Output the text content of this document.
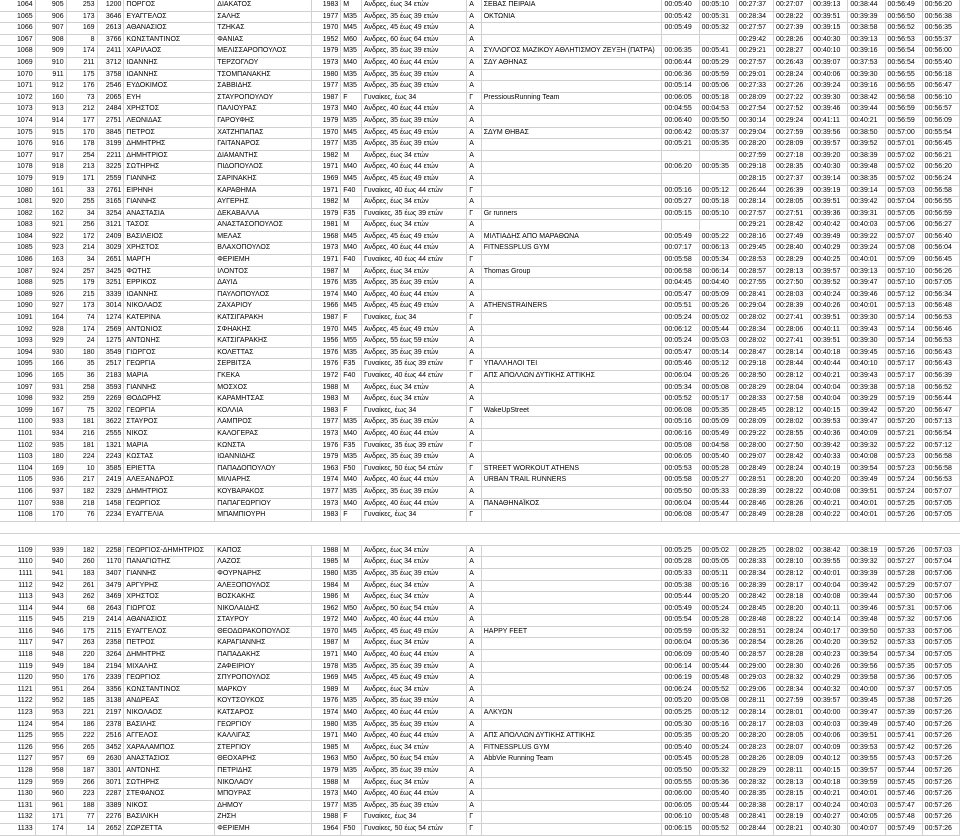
1064	905	253	1200	ΠΟΡΓΟΣ	ΔΙΑΚΑΤΟΣ	1983	M	Ανδρες, έως 34 ετών	Α	ΣΕΒΑΣ ΠΕΙΡΑΙΑ	00:05:40	00:05:10	00:27:37	00:27:07	00:39:13	00:38:44	00:56:49	00:56:20
1065	906	173	3646	ΕΥΑΓΓΕΛΟΣ	ΣΑΛΗΣ	1977	M35	Ανδρες, 35 έως 39 ετών	Α	ΟΚΤΩΝΙΑ	00:05:42	00:05:31	00:28:34	00:28:22	00:39:51	00:39:39	00:56:50	00:56:38
1066	907	169	2613	ΑΘΑΝΑΣΙΟΣ	ΤΖΗΚΑΣ	1970	M45	Ανδρες, 45 έως 49 ετών	Α		00:05:49	00:05:32	00:27:57	00:27:39	00:39:15	00:38:58	00:56:52	00:56:35
1067	908	8	3766	ΚΩΝΣΤΑΝΤΙΝΟΣ	ΦΑΝΙΑΣ	1952	M60	Ανδρες, 60 έως 64 ετών	Α				00:29:42	00:28:26	00:40:30	00:39:13	00:56:53	00:55:37
1068	909	174	2411	ΧΑΡΙΛΑΟΣ	ΜΕΛΙΣΣΑΡΟΠΟΥΛΟΣ	1979	M35	Ανδρες, 35 έως 39 ετών	Α	ΣΥΛΛΟΓΟΣ ΜΑΖΙΚΟΥ ΑΘΛΗΤΙΣΜΟΥ ΖΕΥΞΗ (ΠΑΤΡΑ)	00:06:35	00:05:41	00:29:21	00:28:27	00:40:10	00:39:16	00:56:54	00:56:00
1069	910	211	3712	ΙΩΑΝΝΗΣ	ΤΕΡΖΟΓΛΟΥ	1973	M40	Ανδρες, 40 έως 44 ετών	Α	ΣΔΥ ΑΘΗΝΑΣ	00:06:44	00:05:29	00:27:57	00:26:43	00:39:07	00:37:53	00:56:54	00:55:40
1070	911	175	3758	ΙΩΑΝΝΗΣ	ΤΣΟΜΠΑΝΑΚΗΣ	1980	M35	Ανδρες, 35 έως 39 ετών	Α		00:06:36	00:05:59	00:29:01	00:28:24	00:40:06	00:39:30	00:56:55	00:56:18
1071	912	176	2546	ΕΥΔΟΚΙΜΟΣ	ΣΑΒΒΙΔΗΣ	1977	M35	Ανδρες, 35 έως 39 ετών	Α		00:05:14	00:05:06	00:27:33	00:27:26	00:39:24	00:39:16	00:56:55	00:56:47
1072	160	73	2065	ΕΥΗ	ΣΤΑΥΡΟΠΟΥΛΟΥ	1987	F	Γυναίκες, έως 34	Γ	PressiousRunning Team	00:06:05	00:05:18	00:28:09	00:27:22	00:39:30	00:38:42	00:56:58	00:56:10
1073	913	212	2484	ΧΡΗΣΤΟΣ	ΠΑΛΙΟΥΡΑΣ	1973	M40	Ανδρες, 40 έως 44 ετών	Α		00:04:55	00:04:53	00:27:54	00:27:52	00:39:46	00:39:44	00:56:59	00:56:57
1074	914	177	2751	ΛΕΩΝΙΔΑΣ	ΓΑΡΟΥΦΗΣ	1979	M35	Ανδρες, 35 έως 39 ετών	Α		00:06:40	00:05:50	00:30:14	00:29:24	00:41:11	00:40:21	00:56:59	00:56:09
1075	915	170	3845	ΠΕΤΡΟΣ	ΧΑΤΖΗΠΑΠΑΣ	1970	M45	Ανδρες, 45 έως 49 ετών	Α	ΣΔΥΜ ΘΗΒΑΣ	00:06:42	00:05:37	00:29:04	00:27:59	00:39:56	00:38:50	00:57:00	00:55:54
1076	916	178	3199	ΔΗΜΗΤΡΗΣ	ΓΑΙΤΑΝΑΡΟΣ	1977	M35	Ανδρες, 35 έως 39 ετών	Α		00:05:21	00:05:35	00:28:20	00:28:09	00:39:57	00:39:52	00:57:01	00:56:45
1077	917	254	2211	ΔΗΜΗΤΡΙΟΣ	ΔΙΑΜΑΝΤΗΣ	1982	M	Ανδρες, έως 34 ετών	Α				00:27:59	00:27:18	00:39:20	00:38:39	00:57:02	00:56:21
1078	918	213	3225	ΣΩΤΗΡΗΣ	ΠΙΔΟΠΟΥΛΟΣ	1971	M40	Ανδρες, 40 έως 44 ετών	Α		00:06:20	00:05:35	00:29:18	00:28:35	00:40:30	00:39:48	00:57:02	00:56:20
1079	919	171	2559	ΓΙΑΝΝΗΣ	ΣΑΡΙΝΑΚΗΣ	1969	M45	Ανδρες, 45 έως 49 ετών	Α				00:28:15	00:27:37	00:39:14	00:38:35	00:57:02	00:56:24
1080	161	33	2761	ΕΙΡΗΝΗ	ΚΑΡΑΘΗΜΑ	1971	F40	Γυναίκες, 40 έως 44 ετών	Γ		00:05:16	00:05:12	00:26:44	00:26:39	00:39:19	00:39:14	00:57:03	00:56:58
1081	920	255	3165	ΓΙΑΝΝΗΣ	ΑΥΓΕΡΗΣ	1982	M	Ανδρες, έως 34 ετών	Α		00:05:27	00:05:18	00:28:14	00:28:05	00:39:51	00:39:42	00:57:04	00:56:55
1082	162	34	3254	ΑΝΑΣΤΑΣΙΑ	ΔΕΚΑΒΑΛΛΑ	1979	F35	Γυναίκες, 35 έως 39 ετών	Γ	Gr runners	00:05:15	00:05:10	00:27:57	00:27:51	00:39:36	00:39:31	00:57:05	00:56:59
1083	921	256	3121	ΤΑΣΟΣ	ΑΝΑΣΤΑΣΟΠΟΥΛΟΣ	1981	M	Ανδρες, έως 34 ετών	Α				00:29:21	00:28:42	00:40:42	00:40:03	00:57:06	00:56:27
1084	922	172	2409	ΒΑΣΙΛΕΙΟΣ	ΜΕΛΑΣ	1968	M45	Ανδρες, 45 έως 49 ετών	Α	ΜΙΛΤΙΑΔΗΣ ΑΠΟ ΜΑΡΑΘΩΝΑ	00:05:49	00:05:22	00:28:16	00:27:49	00:39:49	00:39:22	00:57:07	00:56:40
1085	923	214	3029	ΧΡΗΣΤΟΣ	ΒΛΑΧΟΠΟΥΛΟΣ	1973	M40	Ανδρες, 40 έως 44 ετών	Α	FITNESSPLUS GYM	00:07:17	00:06:13	00:29:45	00:28:40	00:40:29	00:39:24	00:57:08	00:56:04
1086	163	34	2651	ΜΑΡΓΗ	ΦΕΡΙΕΜΗ	1971	F40	Γυναίκες, 40 έως 44 ετών	Γ		00:05:58	00:05:34	00:28:53	00:28:29	00:40:25	00:40:01	00:57:09	00:56:45
1087	924	257	3425	ΦΩΤΗΣ	ΙΛΟΝΤΟΣ	1987	M	Ανδρες, έως 34 ετών	Α	Thomas Group	00:06:58	00:06:14	00:28:57	00:28:13	00:39:57	00:39:13	00:57:10	00:56:26
1088	925	179	3251	ΕΡΡΙΚΟΣ	ΔΑΥΙΔ	1976	M35	Ανδρες, 35 έως 39 ετών	Α		00:04:45	00:04:40	00:27:55	00:27:50	00:39:52	00:39:47	00:57:10	00:57:05
1089	926	215	3339	ΙΩΑΝΝΗΣ	ΠΑΥΛΟΠΟΥΛΟΣ	1974	M40	Ανδρες, 40 έως 44 ετών	Α		00:05:47	00:05:09	00:28:41	00:28:03	00:40:24	00:39:46	00:57:12	00:56:34
1090	927	173	3014	ΝΙΚΟΛΑΟΣ	ΖΑΧΑΡΙΟΥ	1966	M45	Ανδρες, 45 έως 49 ετών	Α	ATHENSTRAINERS	00:05:51	00:05:26	00:29:04	00:28:39	00:40:26	00:40:01	00:57:13	00:56:48
1091	164	74	1274	ΚΑΤΕΡΙΝΑ	ΚΑΤΣΙΓΑΡΑΚΗ	1987	F	Γυναίκες, έως 34	Γ		00:05:24	00:05:02	00:28:02	00:27:41	00:39:51	00:39:30	00:57:14	00:56:53
1092	928	174	2569	ΑΝΤΩΝΙΟΣ	ΣΦΗΑΚΗΣ	1970	M45	Ανδρες, 45 έως 49 ετών	Α		00:06:12	00:05:44	00:28:34	00:28:06	00:40:11	00:39:43	00:57:14	00:56:46
1093	929	24	1275	ΑΝΤΩΝΗΣ	ΚΑΤΣΙΓΑΡΑΚΗΣ	1956	M55	Ανδρες, 55 έως 59 ετών	Α		00:05:24	00:05:03	00:28:02	00:27:41	00:39:51	00:39:30	00:57:14	00:56:53
1094	930	180	3549	ΓΙΩΡΓΟΣ	ΚΟΛΕΤΤΑΣ	1976	M35	Ανδρες, 35 έως 39 ετών	Α		00:05:47	00:05:14	00:28:47	00:28:14	00:40:18	00:39:45	00:57:16	00:56:43
1095	166	35	2517	ΓΕΩΡΓΙΑ	ΣΕΡΒΙΤΣΑ	1976	F35	Γυναίκες, 35 έως 39 ετών	Γ	ΥΠΑΛΛΗΛΟΙ ΤΕΙ	00:05:46	00:05:12	00:29:18	00:28:44	00:40:44	00:40:10	00:57:17	00:56:43
1096	165	36	2183	ΜΑΡΙΑ	ΓΚΕΚΑ	1972	F40	Γυναίκες, 40 έως 44 ετών	Γ	ΑΠΣ ΑΠΟΛΛΩΝ ΔΥΤΙΚΗΣ ΑΤΤΙΚΗΣ	00:06:04	00:05:26	00:28:50	00:28:12	00:40:21	00:39:43	00:57:17	00:56:39
1097	931	258	3593	ΓΙΑΝΝΗΣ	ΜΟΣΧΟΣ	1988	M	Ανδρες, έως 34 ετών	Α		00:05:34	00:05:08	00:28:29	00:28:04	00:40:04	00:39:38	00:57:18	00:56:52
1098	932	259	2269	ΘΟΔΩΡΗΣ	ΚΑΡΑΜΗΤΣΑΣ	1983	M	Ανδρες, έως 34 ετών	Α		00:05:52	00:05:17	00:28:33	00:27:58	00:40:04	00:39:29	00:57:19	00:56:44
1099	167	75	3202	ΓΕΩΡΓΙΑ	ΚΟΛΛΙΑ	1983	F	Γυναίκες, έως 34	Γ	WakeUpStreet	00:06:08	00:05:35	00:28:45	00:28:12	00:40:15	00:39:42	00:57:20	00:56:47
1100	933	181	3622	ΣΤΑΥΡΟΣ	ΛΑΜΠΡΟΣ	1977	M35	Ανδρες, 35 έως 39 ετών	Α		00:05:16	00:05:09	00:28:09	00:28:02	00:39:53	00:39:47	00:57:20	00:57:13
1101	934	216	2555	ΝΙΚΟΣ	ΚΑΛΟΓΕΡΑΣ	1973	M40	Ανδρες, 40 έως 44 ετών	Α		00:06:16	00:05:49	00:29:22	00:28:55	00:40:36	00:40:09	00:57:21	00:56:54
1102	935	181	1321	ΜΑΡΙΑ	ΚΩΝΣΤΑ	1976	F35	Γυναίκες, 35 έως 39 ετών	Γ		00:05:08	00:04:58	00:28:00	00:27:50	00:39:42	00:39:32	00:57:22	00:57:12
1103	180	224	2243	ΚΩΣΤΑΣ	ΙΩΑΝΝΙΔΗΣ	1979	M35	Ανδρες, 35 έως 39 ετών	Α		00:06:05	00:05:40	00:29:07	00:28:42	00:40:33	00:40:08	00:57:23	00:56:58
1104	169	10	3585	ΕΡΙΕΤΤΑ	ΠΑΠΑΔΟΠΟΥΛΟΥ	1963	F50	Γυναίκες, 50 έως 54 ετών	Γ	STREET WORKOUT ATHENS	00:05:53	00:05:28	00:28:49	00:28:24	00:40:19	00:39:54	00:57:23	00:56:58
1105	936	217	2419	ΑΛΕΞΑΝΔΡΟΣ	ΜΙΛΙΑΡΗΣ	1974	M40	Ανδρες, 40 έως 44 ετών	Α	URBAN TRAIL RUNNERS	00:05:58	00:05:27	00:28:51	00:28:20	00:40:20	00:39:49	00:57:24	00:56:53
1106	937	182	2329	ΔΗΜΗΤΡΙΟΣ	ΚΟΥΒΑΡΑΚΟΣ	1977	M35	Ανδρες, 35 έως 39 ετών	Α		00:05:50	00:05:33	00:28:39	00:28:22	00:40:08	00:39:51	00:57:24	00:57:07
1107	938	218	1458	ΓΕΩΡΓΙΟΣ	ΠΑΠΑΓΕΩΡΓΙΟΥ	1973	M40	Ανδρες, 40 έως 44 ετών	Α	ΠΑΝΑΘΗΝΑΪΚΟΣ	00:06:04	00:05:44	00:28:46	00:28:26	00:40:21	00:40:01	00:57:25	00:57:05
1108	170	76	2234	ΕΥΑΓΓΕΛΙΑ	ΜΠΑΜΠΙΟΥΡΗ	1983	F	Γυναίκες, έως 34	Γ		00:06:08	00:05:47	00:28:49	00:28:28	00:40:22	00:40:01	00:57:26	00:57:05

1109	939	182	2258	ΓΕΩΡΓΙΟΣ-ΔΗΜΗΤΡΙΟΣ	ΚΑΠΟΣ	1988	M	Ανδρες, έως 34 ετών	Α		00:05:25	00:05:02	00:28:25	00:28:02	00:38:42	00:38:19	00:57:26	00:57:03
1110	940	260	1170	ΠΑΝΑΓΙΩΤΗΣ	ΛΑΖΟΣ	1985	M	Ανδρες, έως 34 ετών	Α		00:05:28	00:05:05	00:28:33	00:28:10	00:39:55	00:39:32	00:57:27	00:57:04
1111	941	183	3407	ΓΙΑΝΝΗΣ	ΦΟΥΡΝΑΡΗΣ	1980	M35	Ανδρες, 35 έως 39 ετών	Α		00:05:33	00:05:11	00:28:34	00:28:12	00:40:01	00:39:39	00:57:28	00:57:06
1112	942	261	3479	ΑΡΓΥΡΗΣ	ΑΛΕΞΟΠΟΥΛΟΣ	1984	M	Ανδρες, έως 34 ετών	Α		00:05:38	00:05:16	00:28:39	00:28:17	00:40:04	00:39:42	00:57:29	00:57:07
1113	943	262	3469	ΧΡΗΣΤΟΣ	ΒΟΣΚΑΚΗΣ	1986	M	Ανδρες, έως 34 ετών	Α		00:05:44	00:05:20	00:28:42	00:28:18	00:40:08	00:39:44	00:57:30	00:57:06
1114	944	68	2643	ΓΙΩΡΓΟΣ	ΝΙΚΟΛΑΙΔΗΣ	1962	M50	Ανδρες, 50 έως 54 ετών	Α		00:05:49	00:05:24	00:28:45	00:28:20	00:40:11	00:39:46	00:57:31	00:57:06
1115	945	219	2414	ΑΘΑΝΑΣΙΟΣ	ΣΤΑΥΡΟΥ	1972	M40	Ανδρες, 40 έως 44 ετών	Α		00:05:54	00:05:28	00:28:48	00:28:22	00:40:14	00:39:48	00:57:32	00:57:06
1116	946	175	2115	ΕΥΑΓΓΕΛΟΣ	ΘΕΟΔΩΡΑΚΟΠΟΥΛΟΣ	1970	M45	Ανδρες, 45 έως 49 ετών	Α	HAPPY FEET	00:05:59	00:05:32	00:28:51	00:28:24	00:40:17	00:39:50	00:57:33	00:57:06
1117	947	263	2358	ΠΕΤΡΟΣ	ΚΑΡΑΓΙΑΝΝΗΣ	1987	M	Ανδρες, έως 34 ετών	Α		00:06:04	00:05:36	00:28:54	00:28:26	00:40:20	00:39:52	00:57:33	00:57:05
1118	948	220	3264	ΔΗΜΗΤΡΗΣ	ΠΑΠΑΔΑΚΗΣ	1971	M40	Ανδρες, 40 έως 44 ετών	Α		00:06:09	00:05:40	00:28:57	00:28:28	00:40:23	00:39:54	00:57:34	00:57:05
1119	949	184	2194	ΜΙΧΑΛΗΣ	ΖΑΦΕΙΡΙΟΥ	1978	M35	Ανδρες, 35 έως 39 ετών	Α		00:06:14	00:05:44	00:29:00	00:28:30	00:40:26	00:39:56	00:57:35	00:57:05
1120	950	176	2339	ΓΕΩΡΓΙΟΣ	ΣΠΥΡΟΠΟΥΛΟΣ	1969	M45	Ανδρες, 45 έως 49 ετών	Α		00:06:19	00:05:48	00:29:03	00:28:32	00:40:29	00:39:58	00:57:36	00:57:05
1121	951	264	3356	ΚΩΝΣΤΑΝΤΙΝΟΣ	ΜΑΡΚΟΥ	1989	M	Ανδρες, έως 34 ετών	Α		00:06:24	00:05:52	00:29:06	00:28:34	00:40:32	00:40:00	00:57:37	00:57:05
1122	952	185	3138	ΑΝΔΡΕΑΣ	ΚΟΥΤΣΟΥΚΟΣ	1976	M35	Ανδρες, 35 έως 39 ετών	Α		00:05:20	00:05:08	00:28:11	00:27:59	00:39:57	00:39:45	00:57:38	00:57:26
1123	953	221	2197	ΝΙΚΟΛΑΟΣ	ΚΑΤΣΑΡΟΣ	1974	M40	Ανδρες, 40 έως 44 ετών	Α	ΑΛΚΥΩΝ	00:05:25	00:05:12	00:28:14	00:28:01	00:40:00	00:39:47	00:57:39	00:57:26
1124	954	186	2378	ΒΑΣΙΛΗΣ	ΓΕΩΡΓΙΟΥ	1980	M35	Ανδρες, 35 έως 39 ετών	Α		00:05:30	00:05:16	00:28:17	00:28:03	00:40:03	00:39:49	00:57:40	00:57:26
1125	955	222	2516	ΑΓΓΕΛΟΣ	ΚΑΛΛΙΓΑΣ	1971	M40	Ανδρες, 40 έως 44 ετών	Α	ΑΠΣ ΑΠΟΛΛΩΝ ΔΥΤΙΚΗΣ ΑΤΤΙΚΗΣ	00:05:35	00:05:20	00:28:20	00:28:05	00:40:06	00:39:51	00:57:41	00:57:26
1126	956	265	3452	ΧΑΡΑΛΑΜΠΟΣ	ΣΤΕΡΓΙΟΥ	1985	M	Ανδρες, έως 34 ετών	Α	FITNESSPLUS GYM	00:05:40	00:05:24	00:28:23	00:28:07	00:40:09	00:39:53	00:57:42	00:57:26
1127	957	69	2630	ΑΝΑΣΤΑΣΙΟΣ	ΘΕΟΧΑΡΗΣ	1963	M50	Ανδρες, 50 έως 54 ετών	Α	AbbVie Running Team	00:05:45	00:05:28	00:28:26	00:28:09	00:40:12	00:39:55	00:57:43	00:57:26
1128	958	187	3301	ΑΝΤΩΝΗΣ	ΠΕΤΡΙΔΗΣ	1979	M35	Ανδρες, 35 έως 39 ετών	Α		00:05:50	00:05:32	00:28:29	00:28:11	00:40:15	00:39:57	00:57:44	00:57:26
1129	959	266	3071	ΣΩΤΗΡΗΣ	ΝΙΚΟΛΑΟΥ	1988	M	Ανδρες, έως 34 ετών	Α		00:05:55	00:05:36	00:28:32	00:28:13	00:40:18	00:39:59	00:57:45	00:57:26
1130	960	223	2287	ΣΤΕΦΑΝΟΣ	ΜΠΟΥΡΑΣ	1973	M40	Ανδρες, 40 έως 44 ετών	Α		00:06:00	00:05:40	00:28:35	00:28:15	00:40:21	00:40:01	00:57:46	00:57:26
1131	961	188	3389	ΝΙΚΟΣ	ΔΗΜΟΥ	1977	M35	Ανδρες, 35 έως 39 ετών	Α		00:06:05	00:05:44	00:28:38	00:28:17	00:40:24	00:40:03	00:57:47	00:57:26
1132	171	77	2276	ΒΑΣΙΛΙΚΗ	ΖΗΣΗ	1988	F	Γυναίκες, έως 34	Γ		00:06:10	00:05:48	00:28:41	00:28:19	00:40:27	00:40:05	00:57:48	00:57:26
1133	174	14	2652	ΖΩΡΖΕΤΤΑ	ΦΕΡΙΕΜΗ	1964	F50	Γυναίκες, 50 έως 54 ετών	Γ		00:06:15	00:05:52	00:28:44	00:28:21	00:40:30	00:40:07	00:57:49	00:57:26
